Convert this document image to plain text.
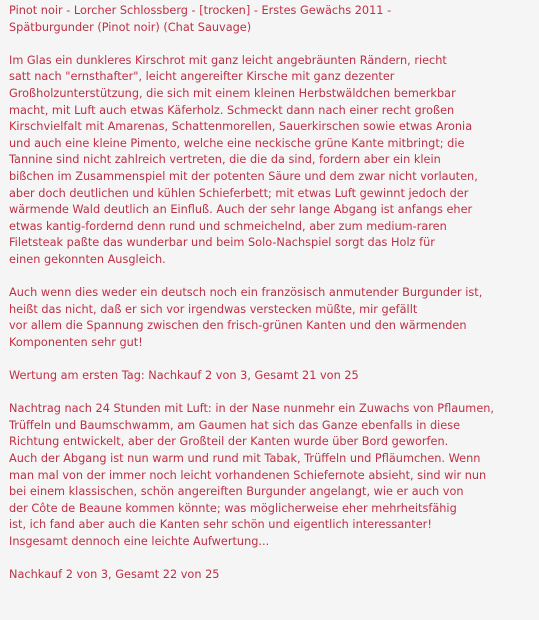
Pinot noir - Lorcher Schlossberg - [trocken] - Erstes Gewächs 2011 -
Spätburgunder (Pinot noir) (Chat Sauvage)
Im Glas ein dunkleres Kirschrot mit ganz leicht angebräunten Rändern, riecht
satt nach "ernsthafter", leicht angereifter Kirsche mit ganz dezenter
Großholzunterstützung, die sich mit einem kleinen Herbstwäldchen bemerkbar
macht, mit Luft auch etwas Käferholz. Schmeckt dann nach einer recht großen
Kirschvielfalt mit Amarenas, Schattenmorellen, Sauerkirschen sowie etwas Aronia
und auch eine kleine Pimento, welche eine neckische grüne Kante mitbringt; die
Tannine sind nicht zahlreich vertreten, die die da sind, fordern aber ein klein
bißchen im Zusammenspiel mit der potenten Säure und dem zwar nicht vorlauten,
aber doch deutlichen und kühlen Schieferbett; mit etwas Luft gewinnt jedoch der
wärmende Wald deutlich an Einfluß. Auch der sehr lange Abgang ist anfangs eher
etwas kantig-fordernd denn rund und schmeichelnd, aber zum medium-raren
Filetsteak paßte das wunderbar und beim Solo-Nachspiel sorgt das Holz für
einen gekonnten Ausgleich.
Auch wenn dies weder ein deutsch noch ein französisch anmutender Burgunder ist,
heißt das nicht, daß er sich vor irgendwas verstecken müßte, mir gefällt
vor allem die Spannung zwischen den frisch-grünen Kanten und den wärmenden
Komponenten sehr gut!
Wertung am ersten Tag: Nachkauf 2 von 3, Gesamt 21 von 25
Nachtrag nach 24 Stunden mit Luft: in der Nase nunmehr ein Zuwachs von Pflaumen,
Trüffeln und Baumschwamm, am Gaumen hat sich das Ganze ebenfalls in diese
Richtung entwickelt, aber der Großteil der Kanten wurde über Bord geworfen.
Auch der Abgang ist nun warm und rund mit Tabak, Trüffeln und Pfläumchen. Wenn
man mal von der immer noch leicht vorhandenen Schiefernote absieht, sind wir nun
bei einem klassischen, schön angereiften Burgunder angelangt, wie er auch von
der Côte de Beaune kommen könnte; was möglicherweise eher mehrheitsfähig
ist, ich fand aber auch die Kanten sehr schön und eigentlich interessanter!
Insgesamt dennoch eine leichte Aufwertung...
Nachkauf 2 von 3, Gesamt 22 von 25
